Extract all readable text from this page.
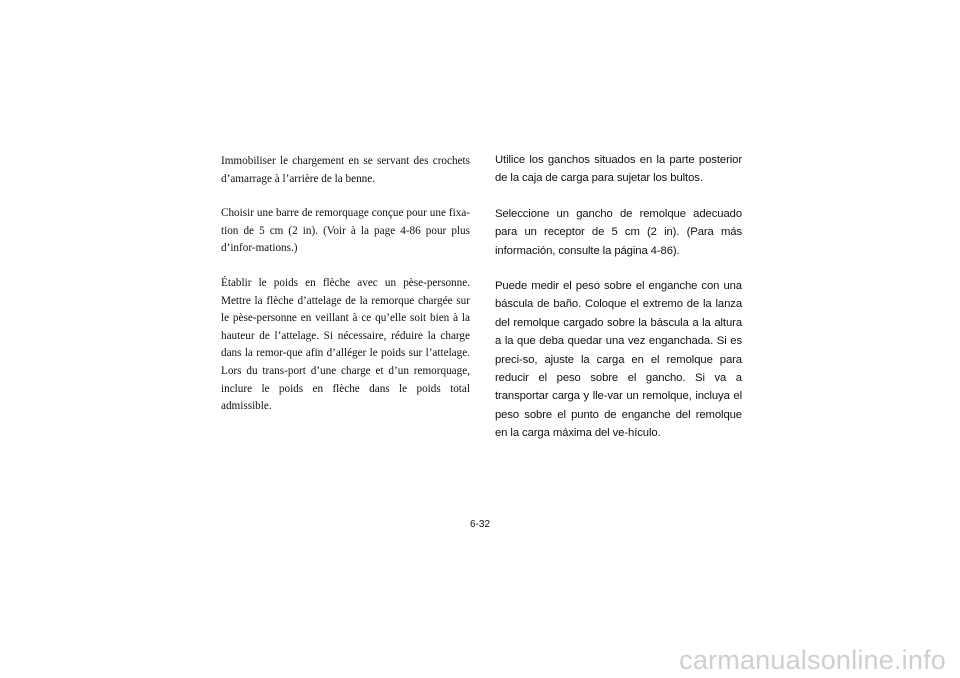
Immobiliser le chargement en se servant des crochets d’amarrage à l’arrière de la benne.

Choisir une barre de remorquage conçue pour une fixa-tion de 5 cm (2 in). (Voir à la page 4-86 pour plus d’infor-mations.)

Établir le poids en flèche avec un pèse-personne. Mettre la flèche d’attelage de la remorque chargée sur le pèse-personne en veillant à ce qu’elle soit bien à la hauteur de l’attelage. Si nécessaire, réduire la charge dans la remor-que afin d’alléger le poids sur l’attelage. Lors du trans-port d’une charge et d’un remorquage, inclure le poids en flèche dans le poids total admissible.

Utilice los ganchos situados en la parte posterior de la caja de carga para sujetar los bultos.

Seleccione un gancho de remolque adecuado para un receptor de 5 cm (2 in). (Para más información, consulte la página 4-86).

Puede medir el peso sobre el enganche con una báscula de baño. Coloque el extremo de la lanza del remolque cargado sobre la báscula a la altura a la que deba quedar una vez enganchada. Si es preci-so, ajuste la carga en el remolque para reducir el peso sobre el gancho. Si va a transportar carga y lle-var un remolque, incluya el peso sobre el punto de enganche del remolque en la carga máxima del ve-hículo.

6-32
carmanualsonline.info
